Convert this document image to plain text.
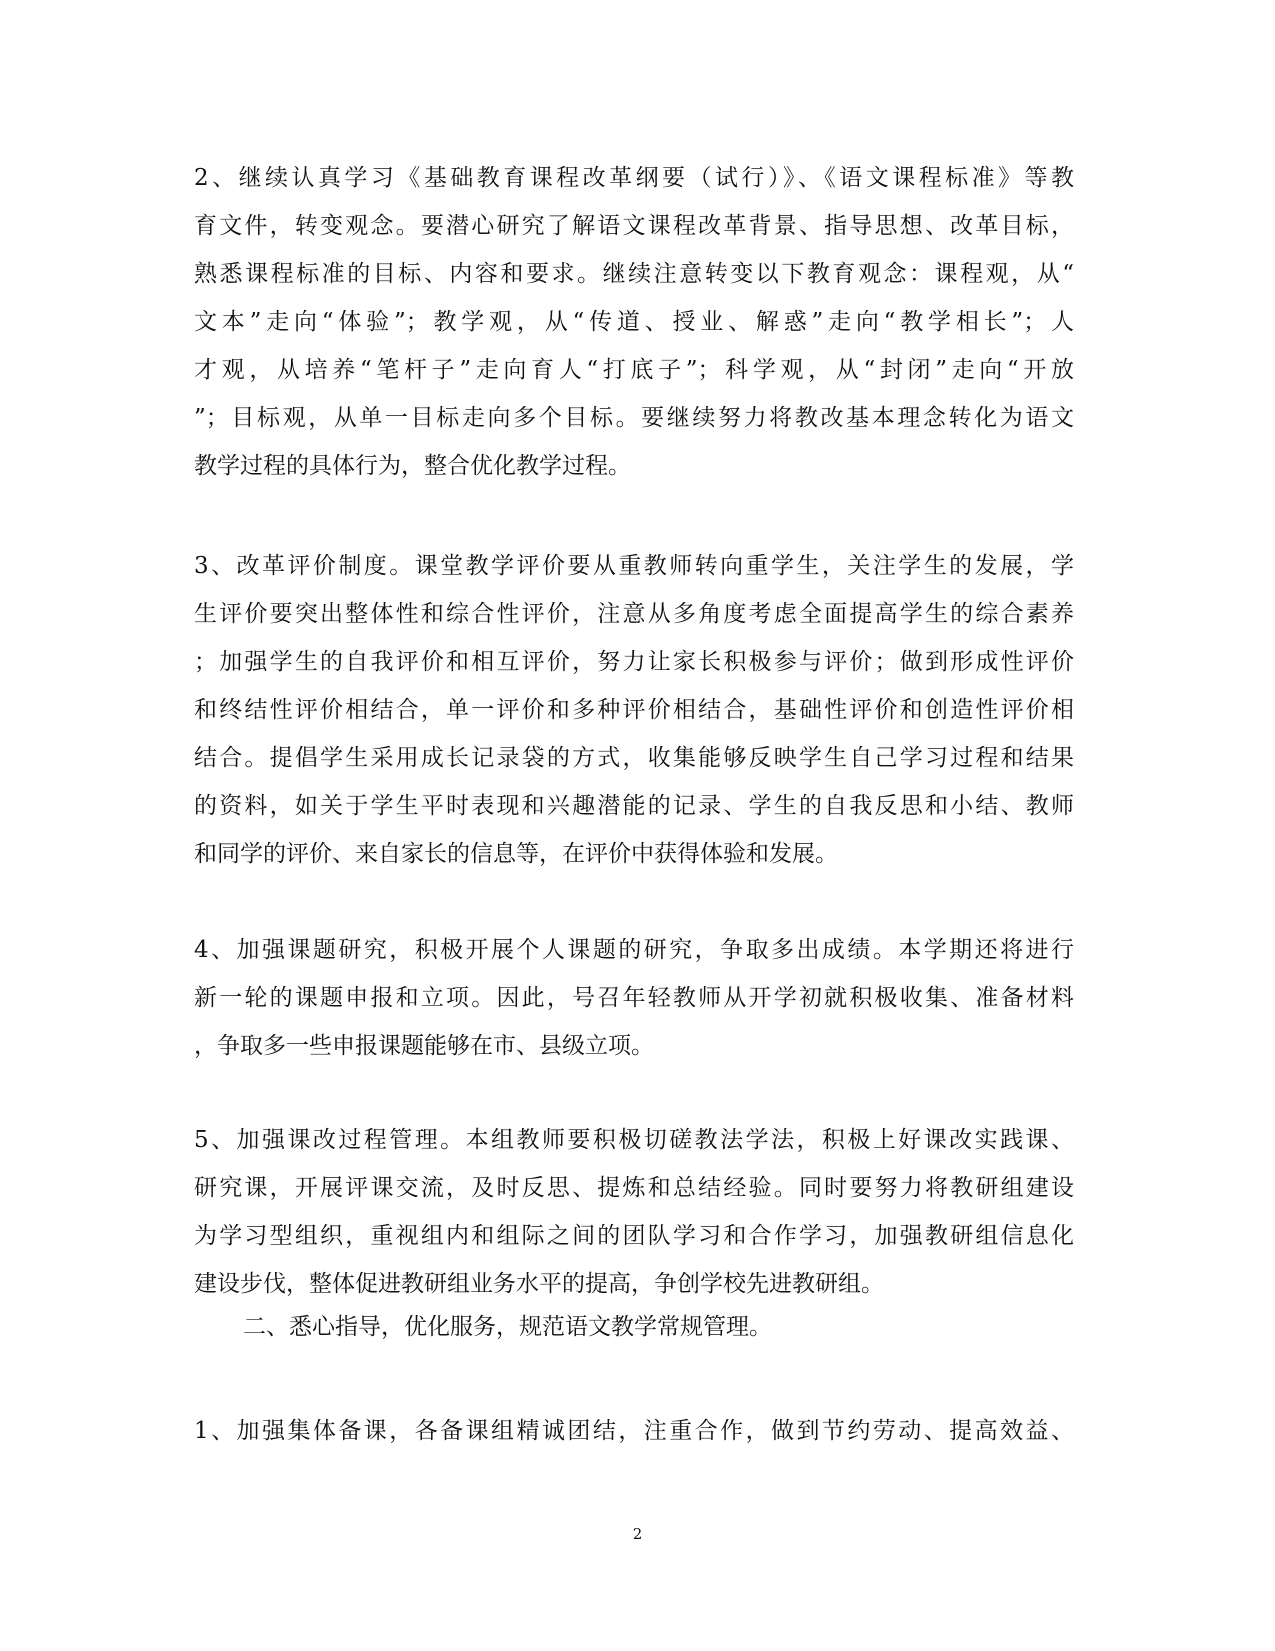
2、继续认真学习《基础教育课程改革纲要（试行）》、《语文课程标准》等教
育文件，转变观念。要潜心研究了解语文课程改革背景、指导思想、改革目标，
熟悉课程标准的目标、内容和要求。继续注意转变以下教育观念：课程观，从“
文本”走向“体验”；教学观，从“传道、授业、解惑”走向“教学相长”；人
才观，从培养“笔杆子”走向育人“打底子”；科学观，从“封闭”走向“开放
”；目标观，从单一目标走向多个目标。要继续努力将教改基本理念转化为语文
教学过程的具体行为，整合优化教学过程。
3、改革评价制度。课堂教学评价要从重教师转向重学生，关注学生的发展，学
生评价要突出整体性和综合性评价，注意从多角度考虑全面提高学生的综合素养
；加强学生的自我评价和相互评价，努力让家长积极参与评价；做到形成性评价
和终结性评价相结合，单一评价和多种评价相结合，基础性评价和创造性评价相
结合。提倡学生采用成长记录袋的方式，收集能够反映学生自己学习过程和结果
的资料，如关于学生平时表现和兴趣潜能的记录、学生的自我反思和小结、教师
和同学的评价、来自家长的信息等，在评价中获得体验和发展。
4、加强课题研究，积极开展个人课题的研究，争取多出成绩。本学期还将进行
新一轮的课题申报和立项。因此，号召年轻教师从开学初就积极收集、准备材料
，争取多一些申报课题能够在市、县级立项。
5、加强课改过程管理。本组教师要积极切磋教法学法，积极上好课改实践课、
研究课，开展评课交流，及时反思、提炼和总结经验。同时要努力将教研组建设
为学习型组织，重视组内和组际之间的团队学习和合作学习，加强教研组信息化
建设步伐，整体促进教研组业务水平的提高，争创学校先进教研组。
二、悉心指导，优化服务，规范语文教学常规管理。
1、加强集体备课，各备课组精诚团结，注重合作，做到节约劳动、提高效益、
2
